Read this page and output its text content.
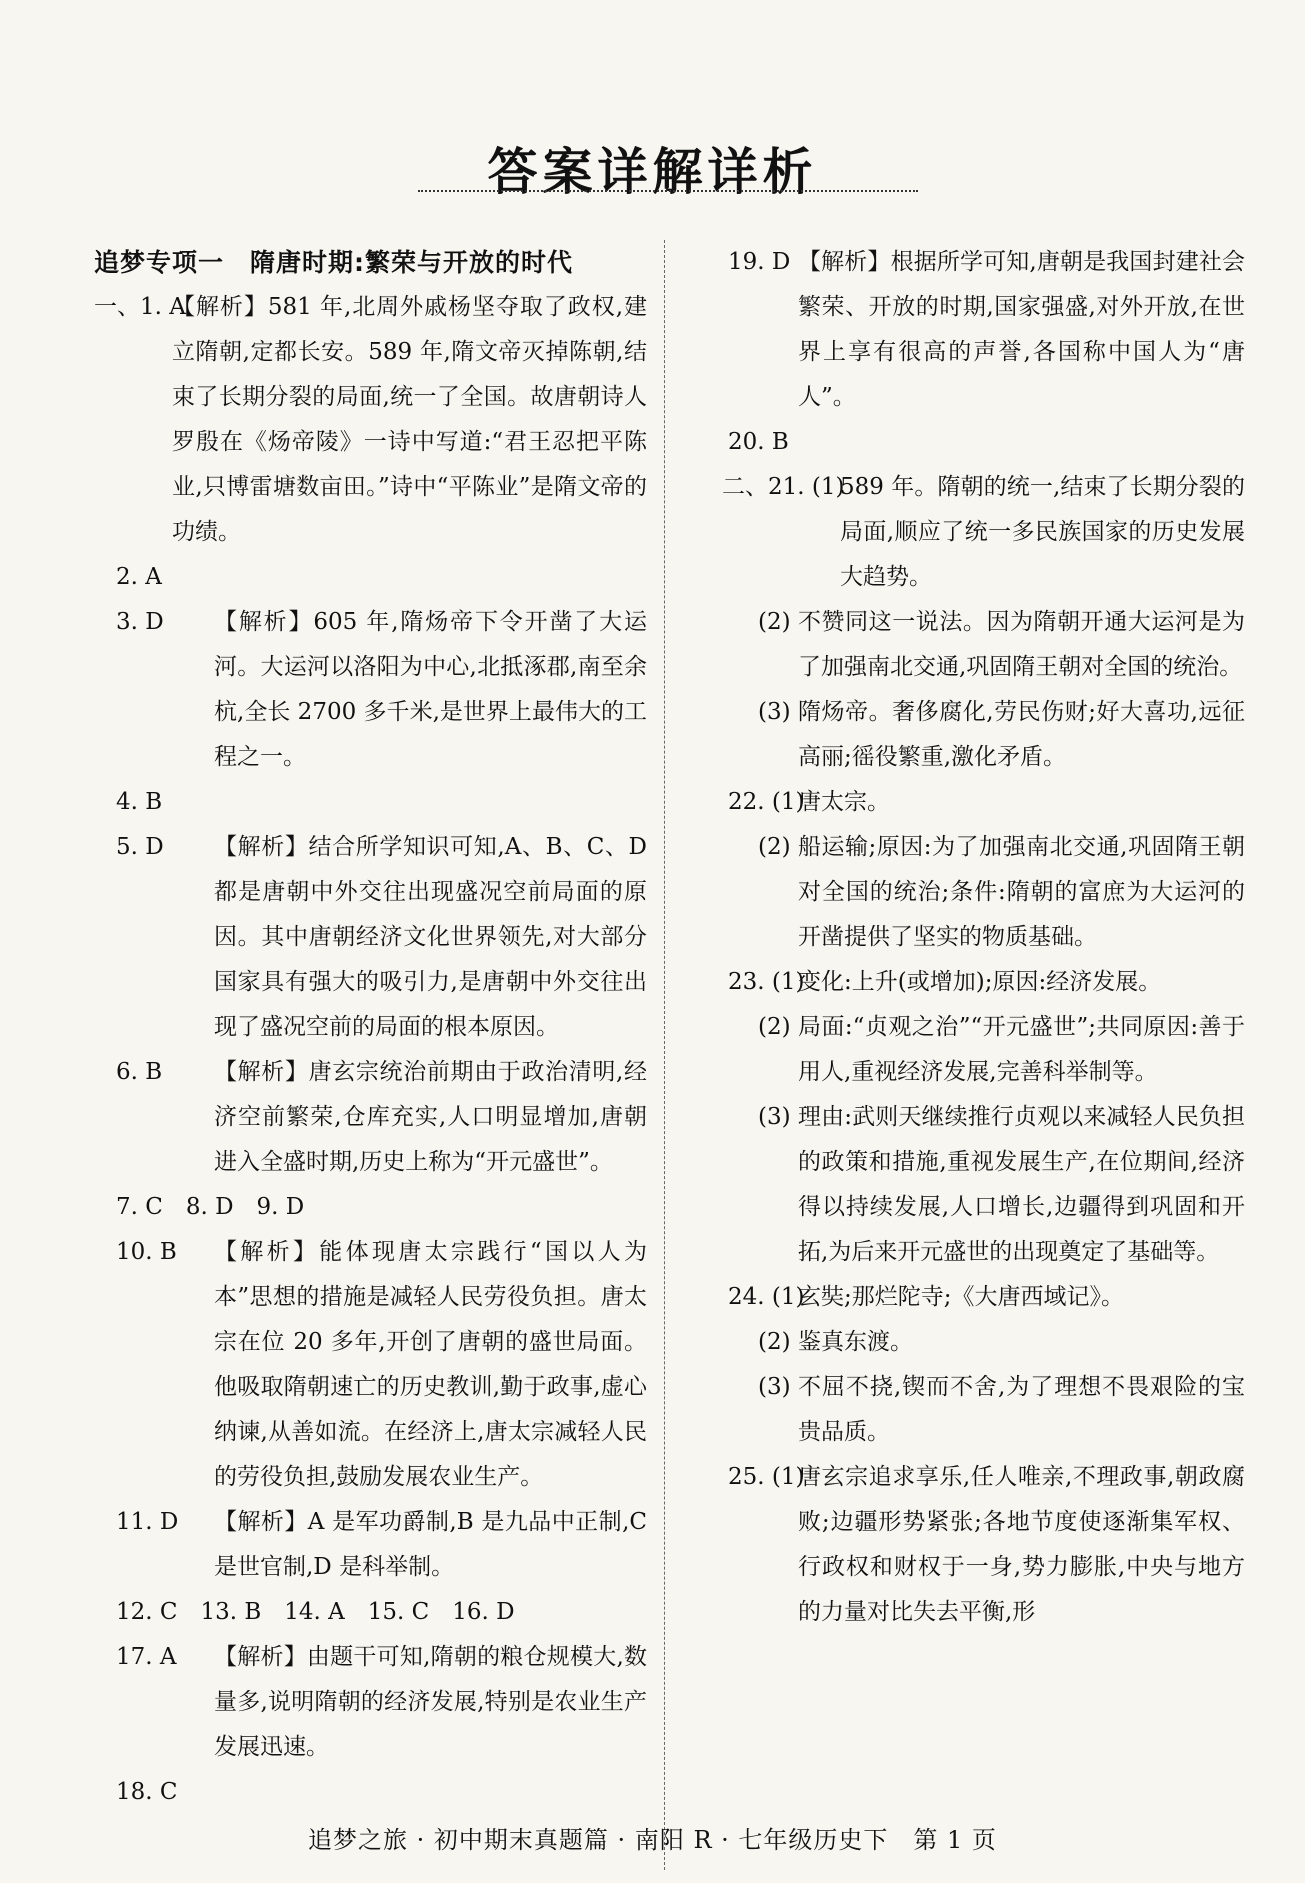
答案详解详析
追梦专项一　隋唐时期:繁荣与开放的时代
一、1. A
【解析】581 年,北周外戚杨坚夺取了政权,建立隋朝,定都长安。589 年,隋文帝灭掉陈朝,结束了长期分裂的局面,统一了全国。故唐朝诗人罗殷在《炀帝陵》一诗中写道:“君王忍把平陈业,只博雷塘数亩田。”诗中“平陈业”是隋文帝的功绩。
2. A
3. D	【解析】605 年,隋炀帝下令开凿了大运河。大运河以洛阳为中心,北抵涿郡,南至余杭,全长 2700 多千米,是世界上最伟大的工程之一。
4. B
5. D	【解析】结合所学知识可知,A、B、C、D 都是唐朝中外交往出现盛况空前局面的原因。其中唐朝经济文化世界领先,对大部分国家具有强大的吸引力,是唐朝中外交往出现了盛况空前的局面的根本原因。
6. B	【解析】唐玄宗统治前期由于政治清明,经济空前繁荣,仓库充实,人口明显增加,唐朝进入全盛时期,历史上称为“开元盛世”。
7. C　8. D　9. D
10. B	【解析】能体现唐太宗践行“国以人为本”思想的措施是减轻人民劳役负担。唐太宗在位 20 多年,开创了唐朝的盛世局面。他吸取隋朝速亡的历史教训,勤于政事,虚心纳谏,从善如流。在经济上,唐太宗减轻人民的劳役负担,鼓励发展农业生产。
11. D	【解析】A 是军功爵制,B 是九品中正制,C 是世官制,D 是科举制。
12. C　13. B　14. A　15. C　16. D
17. A	【解析】由题干可知,隋朝的粮仓规模大,数量多,说明隋朝的经济发展,特别是农业生产发展迅速。
18. C
19. D 【解析】根据所学可知,唐朝是我国封建社会繁荣、开放的时期,国家强盛,对外开放,在世界上享有很高的声誉,各国称中国人为“唐人”。
20. B
二、21. (1)
589 年。隋朝的统一,结束了长期分裂的局面,顺应了统一多民族国家的历史发展大趋势。
(2) 不赞同这一说法。因为隋朝开通大运河是为了加强南北交通,巩固隋王朝对全国的统治。
(3) 隋炀帝。奢侈腐化,劳民伤财;好大喜功,远征高丽;徭役繁重,激化矛盾。
22. (1)
唐太宗。
(2) 船运输;原因:为了加强南北交通,巩固隋王朝对全国的统治;条件:隋朝的富庶为大运河的开凿提供了坚实的物质基础。
23. (1)
变化:上升(或增加);原因:经济发展。
(2) 局面:“贞观之治”“开元盛世”;共同原因:善于用人,重视经济发展,完善科举制等。
(3) 理由:武则天继续推行贞观以来减轻人民负担的政策和措施,重视发展生产,在位期间,经济得以持续发展,人口增长,边疆得到巩固和开拓,为后来开元盛世的出现奠定了基础等。
24. (1)
玄奘;那烂陀寺;《大唐西域记》。
(2) 鉴真东渡。
(3) 不屈不挠,锲而不舍,为了理想不畏艰险的宝贵品质。
25. (1)
唐玄宗追求享乐,任人唯亲,不理政事,朝政腐败;边疆形势紧张;各地节度使逐渐集军权、行政权和财权于一身,势力膨胀,中央与地方的力量对比失去平衡,形
追梦之旅 · 初中期末真题篇 · 南阳 R · 七年级历史下　第 1 页
